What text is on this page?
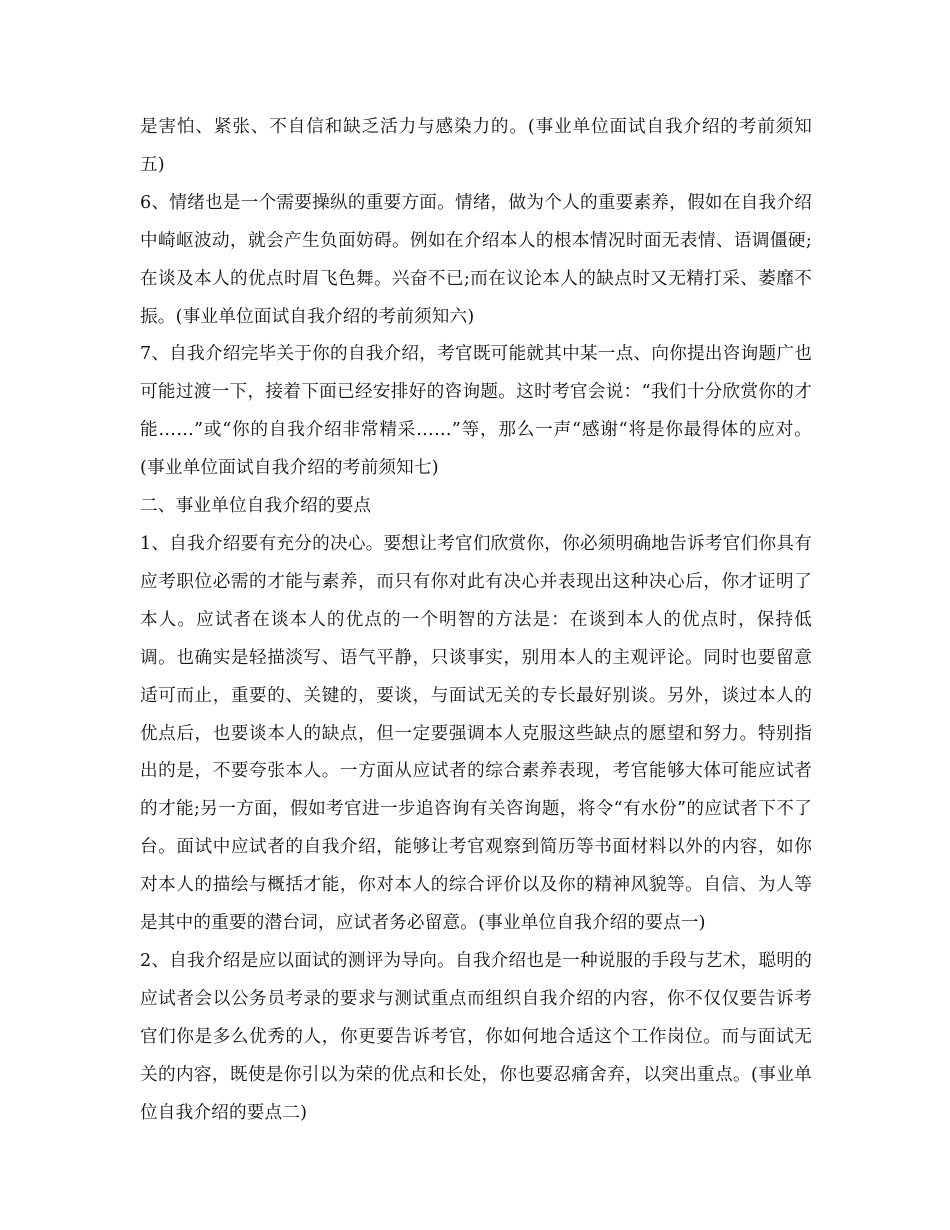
是害怕、紧张、不自信和缺乏活力与感染力的。(事业单位面试自我介绍的考前须知五)

6、情绪也是一个需要操纵的重要方面。情绪，做为个人的重要素养，假如在自我介绍中崎岖波动，就会产生负面妨碍。例如在介绍本人的根本情况时面无表情、语调僵硬;在谈及本人的优点时眉飞色舞。兴奋不已;而在议论本人的缺点时又无精打采、萎靡不振。(事业单位面试自我介绍的考前须知六)

7、自我介绍完毕关于你的自我介绍，考官既可能就其中某一点、向你提出咨询题广也可能过渡一下，接着下面已经安排好的咨询题。这时考官会说：“我们十分欣赏你的才能……”或“你的自我介绍非常精采……”等，那么一声“感谢“将是你最得体的应对。(事业单位面试自我介绍的考前须知七)

二、事业单位自我介绍的要点

1、自我介绍要有充分的决心。要想让考官们欣赏你，你必须明确地告诉考官们你具有应考职位必需的才能与素养，而只有你对此有决心并表现出这种决心后，你才证明了本人。应试者在谈本人的优点的一个明智的方法是：在谈到本人的优点时，保持低调。也确实是轻描淡写、语气平静，只谈事实，别用本人的主观评论。同时也要留意适可而止，重要的、关键的，要谈，与面试无关的专长最好别谈。另外，谈过本人的优点后，也要谈本人的缺点，但一定要强调本人克服这些缺点的愿望和努力。特别指出的是，不要夸张本人。一方面从应试者的综合素养表现，考官能够大体可能应试者的才能;另一方面，假如考官进一步追咨询有关咨询题，将令“有水份”的应试者下不了台。面试中应试者的自我介绍，能够让考官观察到简历等书面材料以外的内容，如你对本人的描绘与概括才能，你对本人的综合评价以及你的精神风貌等。自信、为人等是其中的重要的潜台词，应试者务必留意。(事业单位自我介绍的要点一)

2、自我介绍是应以面试的测评为导向。自我介绍也是一种说服的手段与艺术，聪明的应试者会以公务员考录的要求与测试重点而组织自我介绍的内容，你不仅仅要告诉考官们你是多么优秀的人，你更要告诉考官，你如何地合适这个工作岗位。而与面试无关的内容，既使是你引以为荣的优点和长处，你也要忍痛舍弃，以突出重点。(事业单位自我介绍的要点二)
